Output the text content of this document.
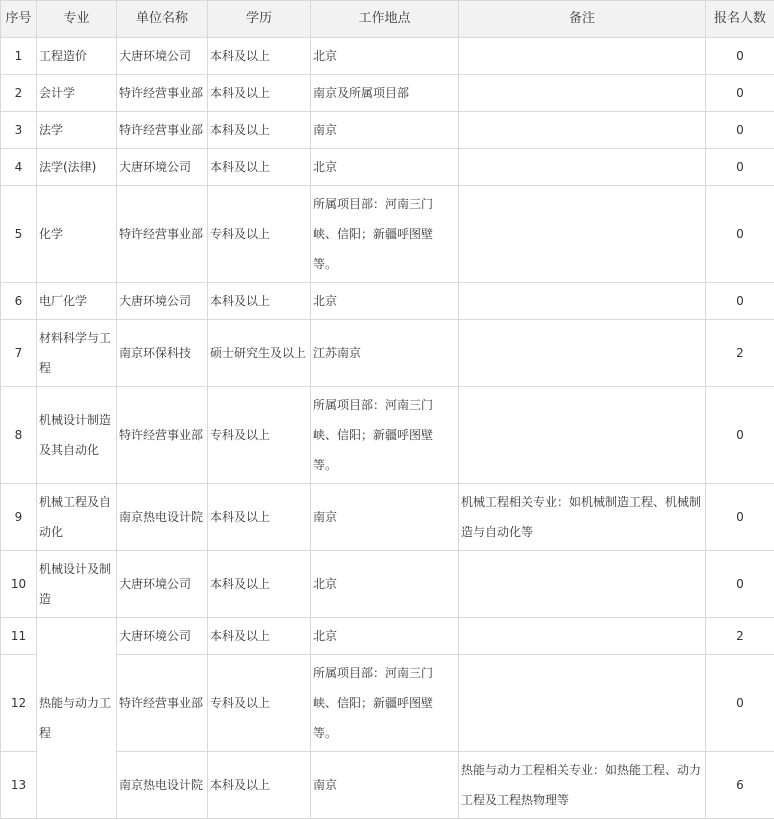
序号	专业	单位名称	学历	工作地点	备注	报名人数
1	工程造价	大唐环境公司	本科及以上	北京		0
2	会计学	特许经营事业部	本科及以上	南京及所属项目部		0
3	法学	特许经营事业部	本科及以上	南京		0
4	法学(法律)	大唐环境公司	本科及以上	北京		0
5	化学	特许经营事业部	专科及以上	所属项目部：河南三门峡、信阳；新疆呼图壁等。		0
6	电厂化学	大唐环境公司	本科及以上	北京		0
7	材料科学与工程	南京环保科技	硕士研究生及以上	江苏南京		2
8	机械设计制造及其自动化	特许经营事业部	专科及以上	所属项目部：河南三门峡、信阳；新疆呼图壁等。		0
9	机械工程及自动化	南京热电设计院	本科及以上	南京	机械工程相关专业：如机械制造工程、机械制造与自动化等	0
10	机械设计及制造	大唐环境公司	本科及以上	北京		0
11	热能与动力工程	大唐环境公司	本科及以上	北京		2
12		特许经营事业部	专科及以上	所属项目部：河南三门峡、信阳；新疆呼图壁等。		0
13		南京热电设计院	本科及以上	南京	热能与动力工程相关专业：如热能工程、动力工程及工程热物理等	6
